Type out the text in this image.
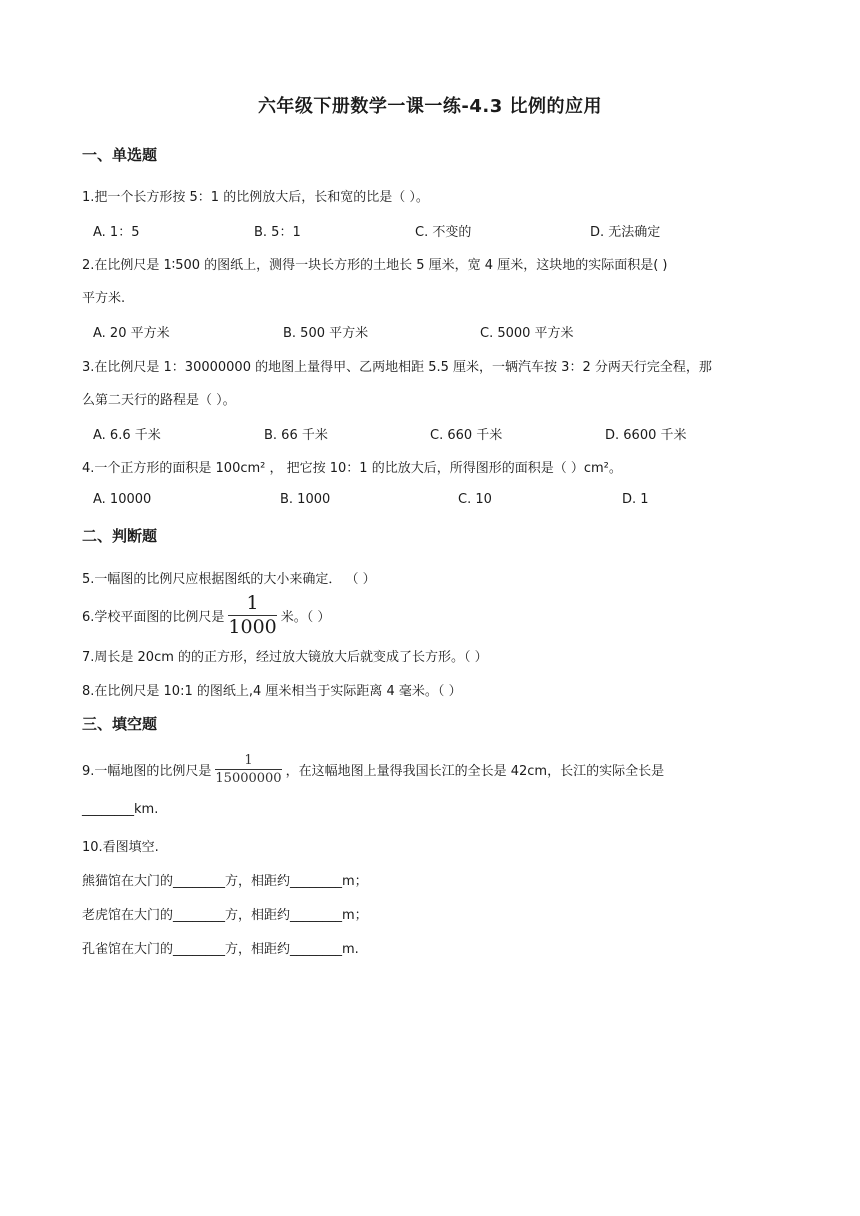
六年级下册数学一课一练-4.3 比例的应用
一、单选题
1.把一个长方形按 5：1 的比例放大后，长和宽的比是（ ）。
A. 1：5	B. 5：1	C. 不变的	D. 无法确定
2.在比例尺是 1∶500 的图纸上，测得一块长方形的土地长 5 厘米，宽 4 厘米，这块地的实际面积是( )
平方米.
A. 20 平方米	B. 500 平方米	C. 5000 平方米
3.在比例尺是 1：30000000 的地图上量得甲、乙两地相距 5.5 厘米，一辆汽车按 3：2 分两天行完全程，那
么第二天行的路程是（ ）。
A. 6.6 千米	B. 66 千米	C. 660 千米	D. 6600 千米
4.一个正方形的面积是 100cm² ， 把它按 10：1 的比放大后，所得图形的面积是（ ）cm²。
A. 10000	B. 1000	C. 10	D. 1
二、判断题
5.一幅图的比例尺应根据图纸的大小来确定． （ ）
6.学校平面图的比例尺是 $\frac{1}{1000}$ 米。（ ）
7.周长是 20cm 的的正方形，经过放大镜放大后就变成了长方形。（ ）
8.在比例尺是 10:1 的图纸上,4 厘米相当于实际距离 4 毫米。（ ）
三、填空题
9.一幅地图的比例尺是 $\frac{1}{15000000}$ ，在这幅地图上量得我国长江的全长是 42cm，长江的实际全长是
________km.
10.看图填空.
熊猫馆在大门的________方，相距约________m；
老虎馆在大门的________方，相距约________m；
孔雀馆在大门的________方，相距约________m.
